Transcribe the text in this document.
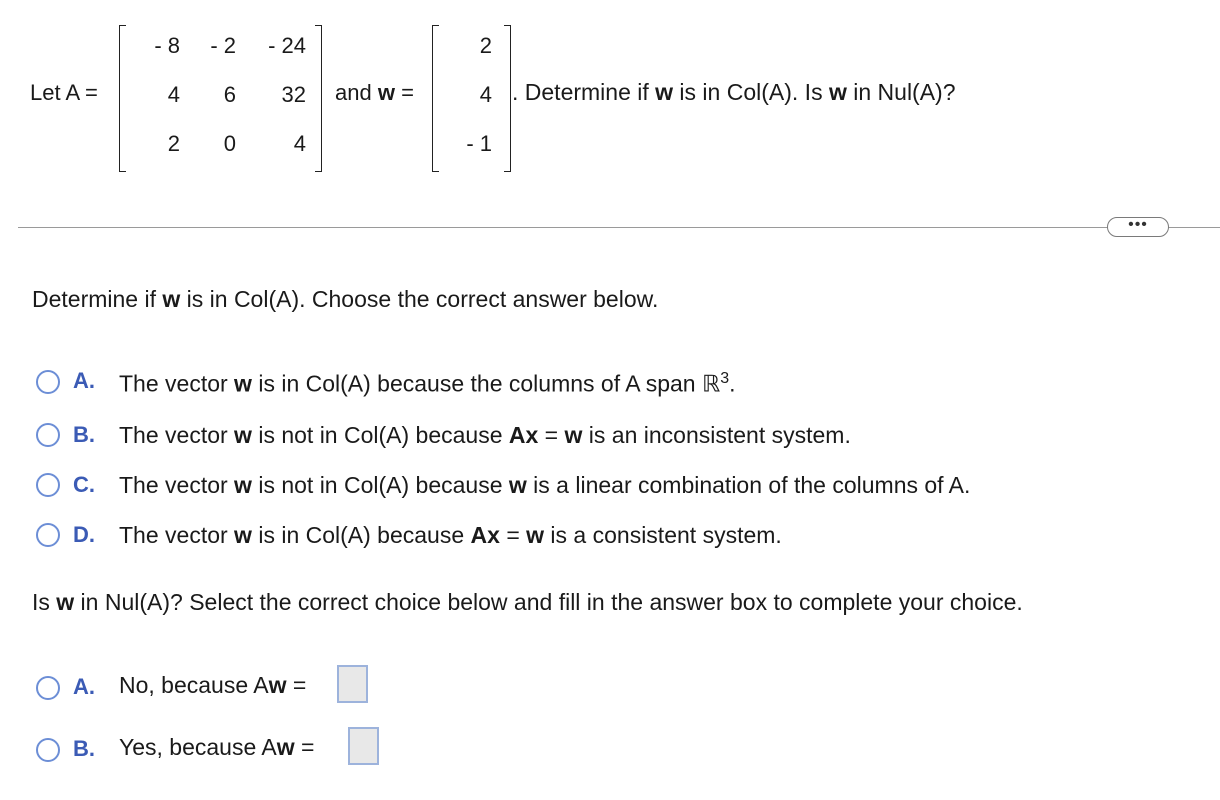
Let A =
- 8	- 2	- 24
4	6	32
2	0	4
and w =
2
4
- 1
. Determine if w is in Col(A). Is w in Nul(A)?
•••
Determine if w is in Col(A). Choose the correct answer below.
A. The vector w is in Col(A) because the columns of A span ℝ$^3$.
B. The vector w is not in Col(A) because Ax = w is an inconsistent system.
C. The vector w is not in Col(A) because w is a linear combination of the columns of A.
D. The vector w is in Col(A) because Ax = w is a consistent system.
Is w in Nul(A)? Select the correct choice below and fill in the answer box to complete your choice.
A. No, because Aw =
B. Yes, because Aw =
